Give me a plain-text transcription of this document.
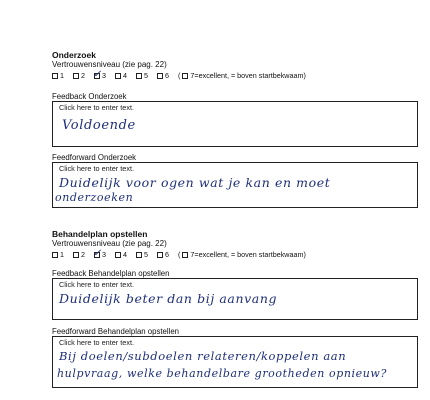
Onderzoek
Vertrouwensniveau (zie pag. 22)
1 2 ✓ 3 4 5 6 ( 7=excellent, = boven startbekwaam )
Feedback Onderzoek
Click here to enter text.
Voldoende
Feedforward Onderzoek
Click here to enter text.
Duidelijk voor ogen wat je kan en moet
onderzoeken
Behandelplan opstellen
Vertrouwensniveau (zie pag. 22)
1 2 ✓ 3 4 5 6 ( 7=excellent, = boven startbekwaam )
Feedback Behandelplan opstellen
Click here to enter text.
Duidelijk beter dan bij aanvang
Feedforward Behandelplan opstellen
Click here to enter text.
Bij doelen/subdoelen relateren/koppelen aan
hulpvraag, welke behandelbare grootheden opnieuw?
